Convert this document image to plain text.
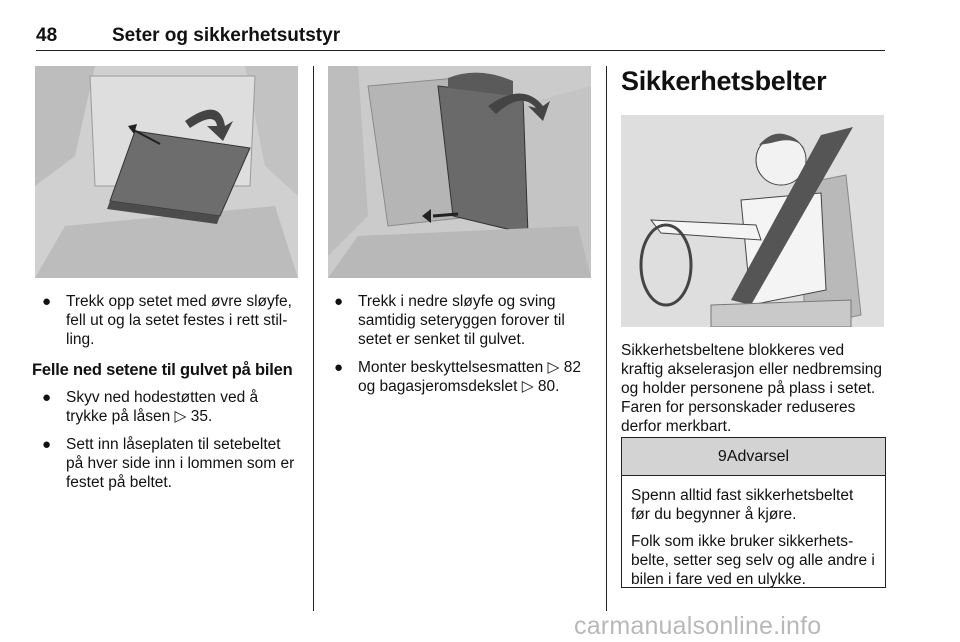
48	Seter og sikkerhetsutstyr
● Trekk opp setet med øvre sløyfe, fell ut og la setet festes i rett stilling.
Felle ned setene til gulvet på bilen
● Skyv ned hodestøtten ved å trykke på låsen ▷ 35.
● Sett inn låseplaten til setebeltet på hver side inn i lommen som er festet på beltet.
● Trekk i nedre sløyfe og sving samtidig seteryggen forover til setet er senket til gulvet.
● Monter beskyttelsesmatten ▷ 82 og bagasjeromsdekslet ▷ 80.
Sikkerhetsbelter
Sikkerhetsbeltene blokkeres ved kraftig akselerasjon eller nedbremsing og holder personene på plass i setet. Faren for personskader reduseres derfor merkbart.
9Advarsel

Spenn alltid fast sikkerhetsbeltet før du begynner å kjøre.

Folk som ikke bruker sikkerhetsbelte, setter seg selv og alle andre i bilen i fare ved en ulykke.

carmanualsonline.info
